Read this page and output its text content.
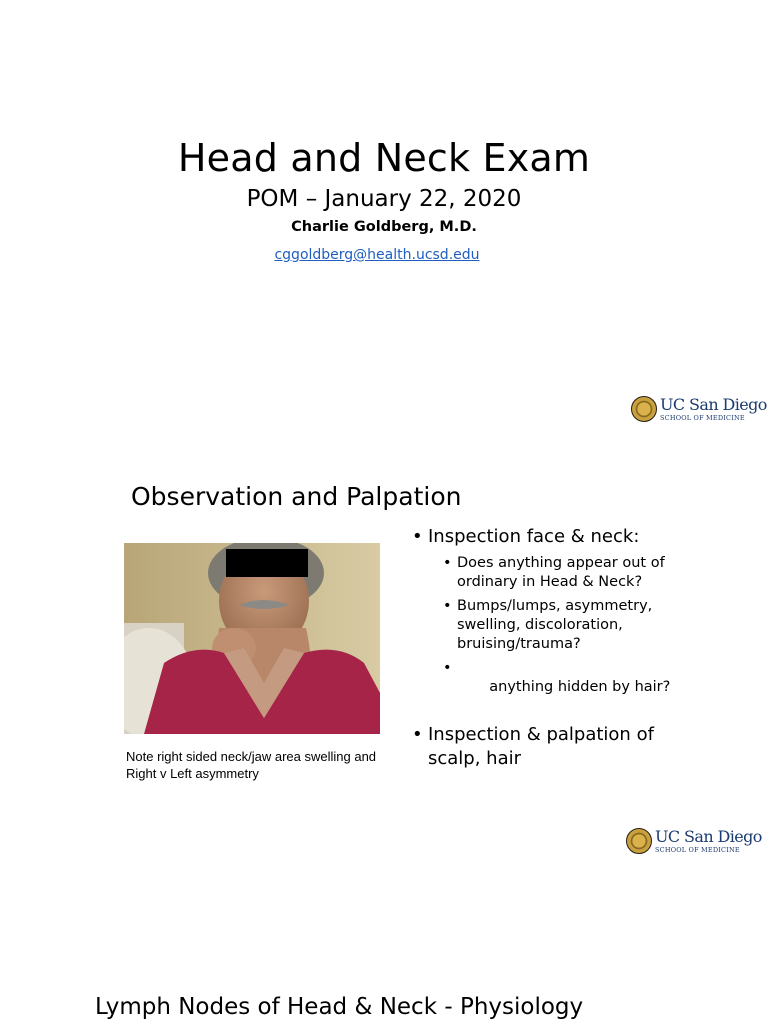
Head and Neck Exam
POM – January 22, 2020
Charlie Goldberg, M.D.
cggoldberg@health.ucsd.edu
UC San Diego
SCHOOL OF MEDICINE
Observation and Palpation
Note right sided neck/jaw area swelling and Right v Left asymmetry
• Inspection face & neck:
• Does anything appear out of ordinary in Head & Neck?
• Bumps/lumps, asymmetry, swelling, discoloration, bruising/trauma?

•  anything hidden by hair?

• Inspection & palpation of scalp, hair
UC San Diego
SCHOOL OF MEDICINE
Lymph Nodes of Head & Neck - Physiology
